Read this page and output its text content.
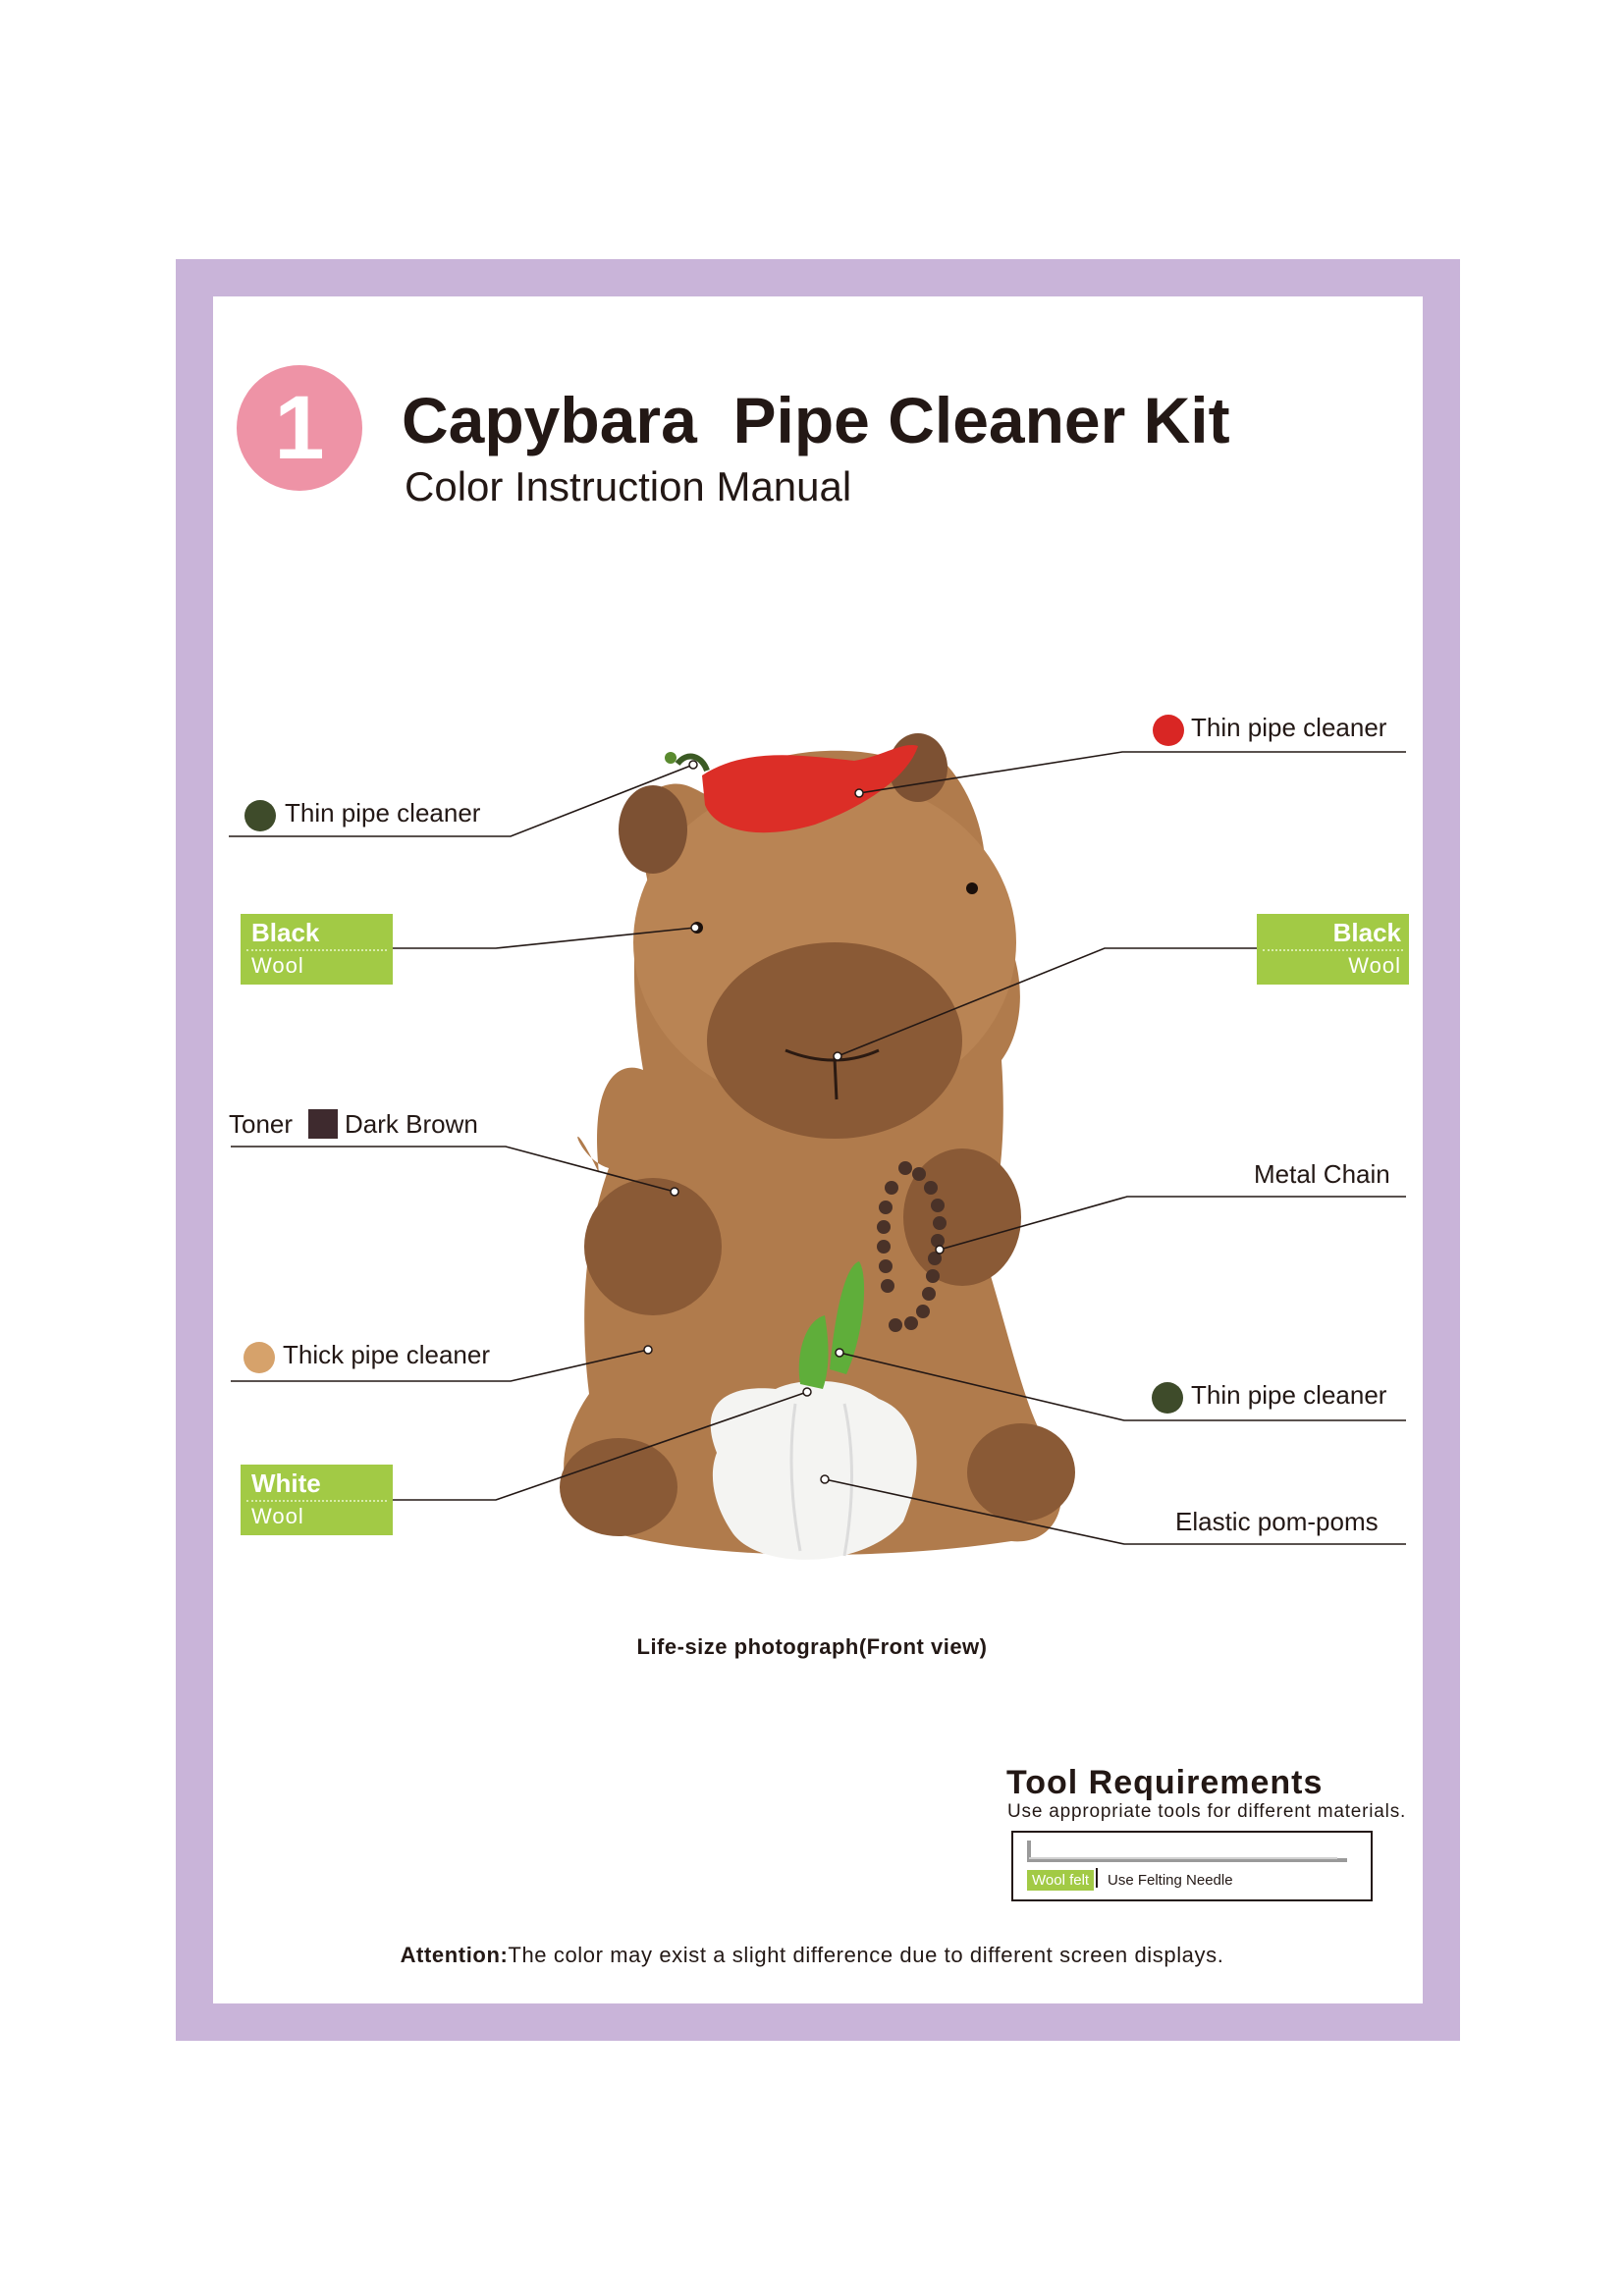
1	Capybara  Pipe Cleaner Kit
Color Instruction Manual
Thin pipe cleaner
Black
Wool
Toner Dark Brown
Thick pipe cleaner
White
Wool
Thin pipe cleaner
Black
Wool
Metal Chain
Thin pipe cleaner
Elastic pom-poms
Life-size photograph(Front view)
Tool Requirements
Use appropriate tools for different materials.
Wool felt	Use Felting Needle
Attention:The color may exist a slight difference due to different screen displays.
